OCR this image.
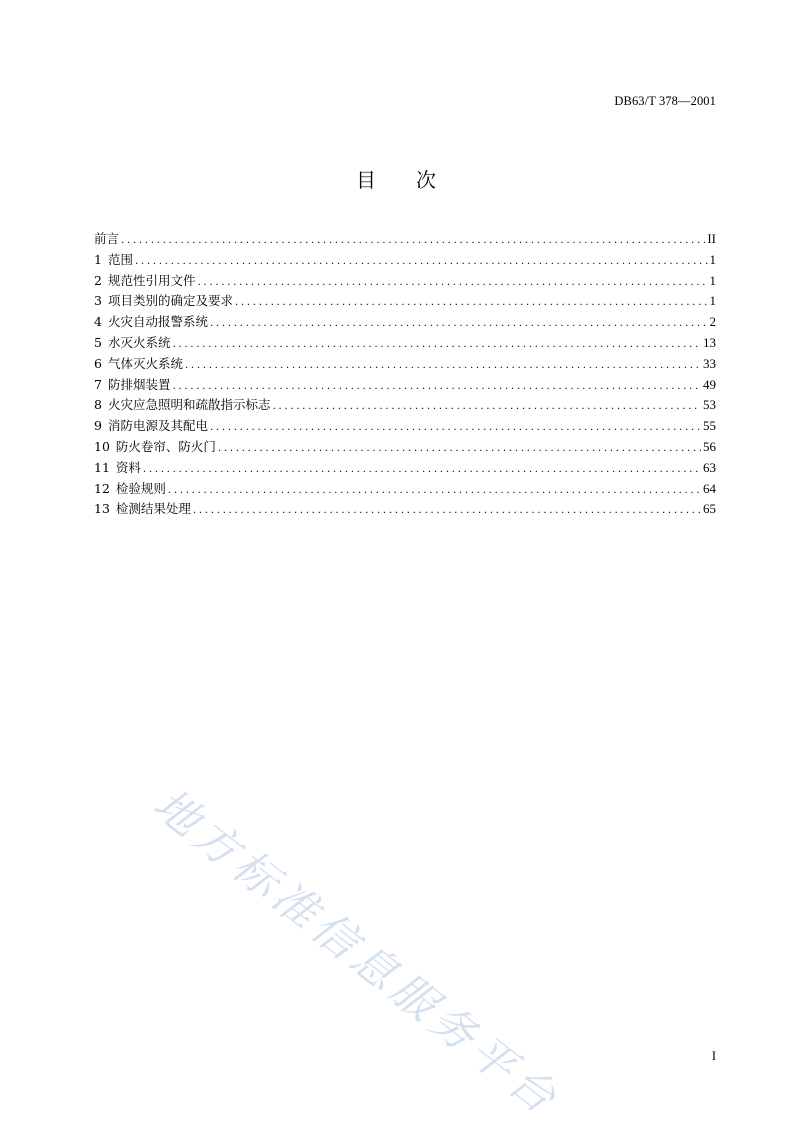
DB63/T 378—2001
目 次
前言 .....	II
1 范围 .....	1
2 规范性引用文件 .....	1
3 项目类别的确定及要求 .....	1
4 火灾自动报警系统 .....	2
5 水灭火系统 .....	13
6 气体灭火系统 .....	33
7 防排烟装置 .....	49
8 火灾应急照明和疏散指示标志 .....	53
9 消防电源及其配电 .....	55
10 防火卷帘、防火门 .....	56
11 资料 .....	63
12 检验规则 .....	64
13 检测结果处理 .....	65
地方标准信息服务平台	I
